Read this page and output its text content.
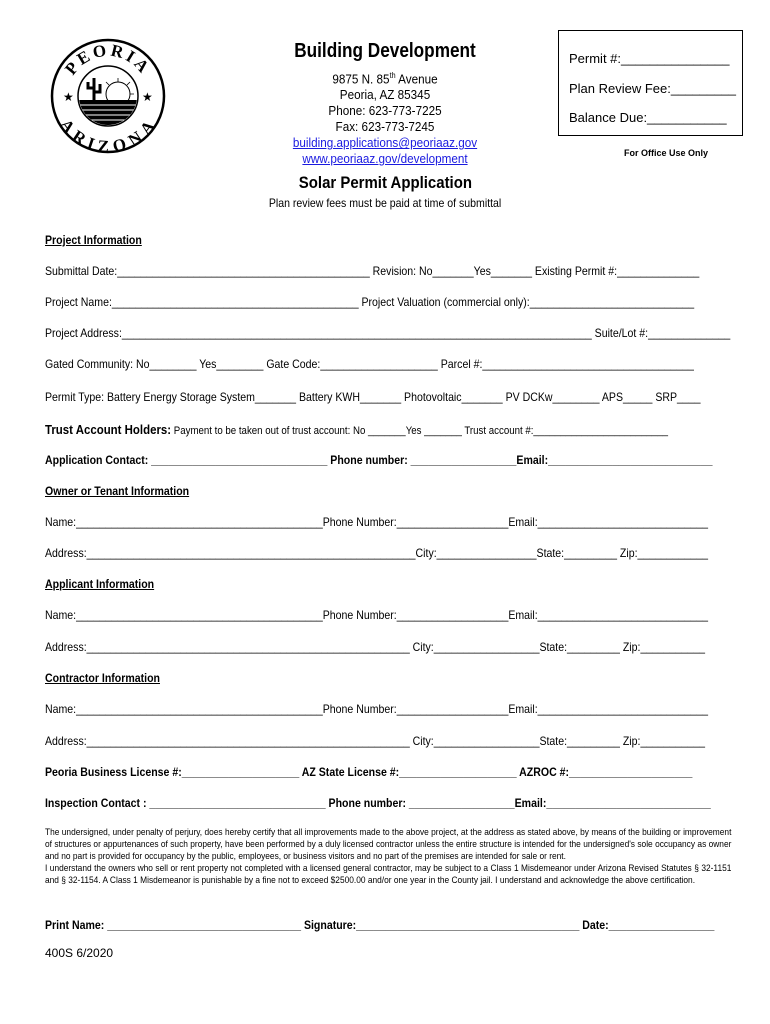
PEORIA
ARIZONA
★	★
Building Development
9875 N. 85th Avenue
Peoria, AZ 85345
Phone: 623-773-7225
Fax: 623-773-7245
building.applications@peoriaaz.gov
www.peoriaaz.gov/development
Permit #:_______________
Plan Review Fee:_________
Balance Due:___________
For Office Use Only
Solar Permit Application
Plan review fees must be paid at time of submittal
Project Information
Submittal Date:___________________________________________ Revision: No_______Yes_______ Existing Permit #:______________
Project Name:__________________________________________ Project Valuation (commercial only):____________________________
Project Address:________________________________________________________________________________ Suite/Lot #:______________
Gated Community: No________ Yes________ Gate Code:____________________ Parcel #:____________________________________
Permit Type: Battery Energy Storage System_______ Battery KWH_______ Photovoltaic_______ PV DCKw________ APS_____ SRP____
Trust Account Holders: Payment to be taken out of trust account: No _______Yes _______ Trust account #:_________________________
Application Contact: ______________________________ Phone number: __________________Email:____________________________
Owner or Tenant Information
Name:__________________________________________Phone Number:___________________Email:_____________________________
Address:________________________________________________________City:_________________State:_________ Zip:____________
Applicant Information
Name:__________________________________________Phone Number:___________________Email:_____________________________
Address:_______________________________________________________ City:__________________State:_________ Zip:___________
Contractor Information
Name:__________________________________________Phone Number:___________________Email:_____________________________
Address:_______________________________________________________ City:__________________State:_________ Zip:___________
Peoria Business License #:____________________ AZ State License #:____________________ AZROC #:_____________________
Inspection Contact : ______________________________ Phone number: __________________Email:____________________________

The undersigned, under penalty of perjury, does hereby certify that all improvements made to the above project, at the address as stated above, by means of the building or improvement of structures or appurtenances of such property, have been performed by a duly licensed contractor unless the entire structure is intended for the undersigned's sole occupancy as owner and no part is provided for occupancy by the public, employees, or business visitors and no part of the premises are intended for sale or rent.

I understand the owners who sell or rent property not completed with a licensed general contractor, may be subject to a Class 1 Misdemeanor under Arizona Revised Statutes § 32-1151 and § 32-1154. A Class 1 Misdemeanor is punishable by a fine not to exceed $2500.00 and/or one year in the County jail. I understand and acknowledge the above certification.

Print Name: _________________________________ Signature:______________________________________ Date:__________________
400S 6/2020
